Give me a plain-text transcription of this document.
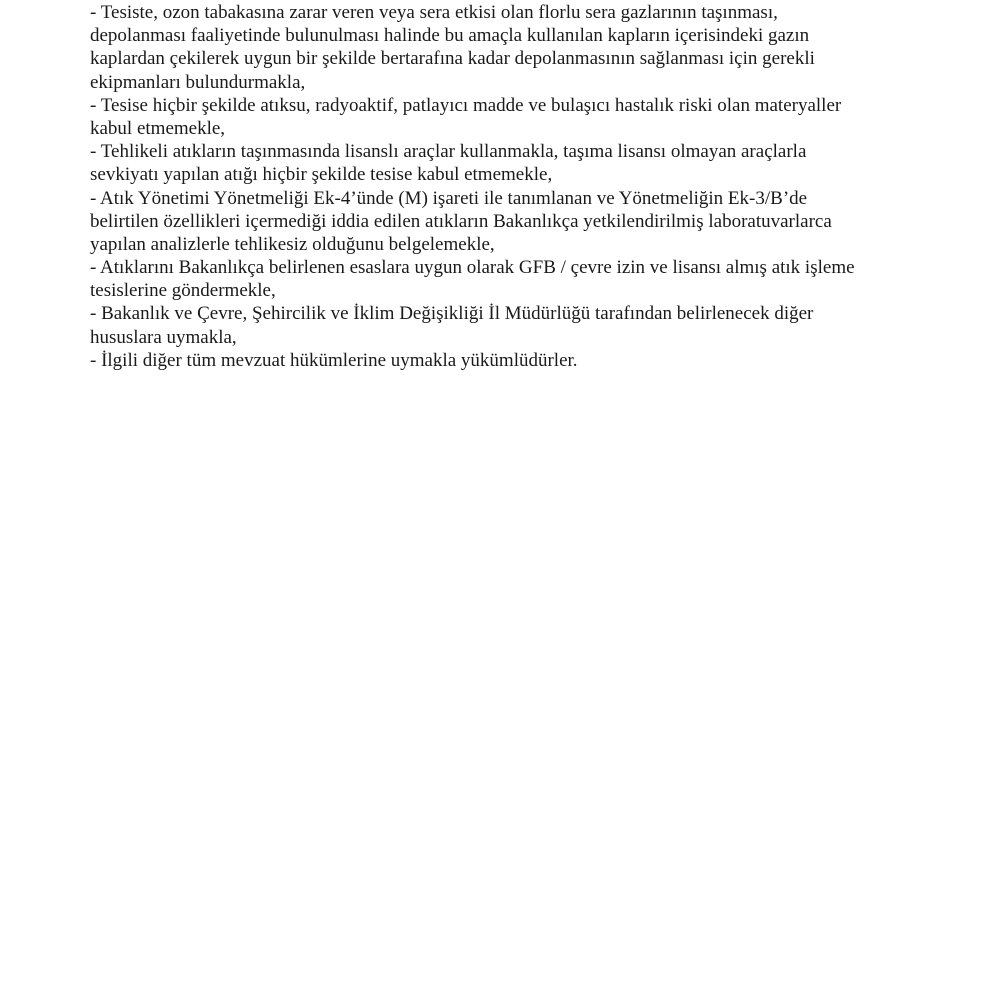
- Tesiste, ozon tabakasına zarar veren veya sera etkisi olan florlu sera gazlarının taşınması,
depolanması faaliyetinde bulunulması halinde bu amaçla kullanılan kapların içerisindeki gazın
kaplardan çekilerek uygun bir şekilde bertarafına kadar depolanmasının sağlanması için gerekli
ekipmanları bulundurmakla,
- Tesise hiçbir şekilde atıksu, radyoaktif, patlayıcı madde ve bulaşıcı hastalık riski olan materyaller
kabul etmemekle,
- Tehlikeli atıkların taşınmasında lisanslı araçlar kullanmakla, taşıma lisansı olmayan araçlarla
sevkiyatı yapılan atığı hiçbir şekilde tesise kabul etmemekle,
- Atık Yönetimi Yönetmeliği Ek-4’ünde (M) işareti ile tanımlanan ve Yönetmeliğin Ek-3/B’de
belirtilen özellikleri içermediği iddia edilen atıkların Bakanlıkça yetkilendirilmiş laboratuvarlarca
yapılan analizlerle tehlikesiz olduğunu belgelemekle,
- Atıklarını Bakanlıkça belirlenen esaslara uygun olarak GFB / çevre izin ve lisansı almış atık işleme
tesislerine göndermekle,
- Bakanlık ve Çevre, Şehircilik ve İklim Değişikliği İl Müdürlüğü tarafından belirlenecek diğer
hususlara uymakla,
- İlgili diğer tüm mevzuat hükümlerine uymakla yükümlüdürler.
